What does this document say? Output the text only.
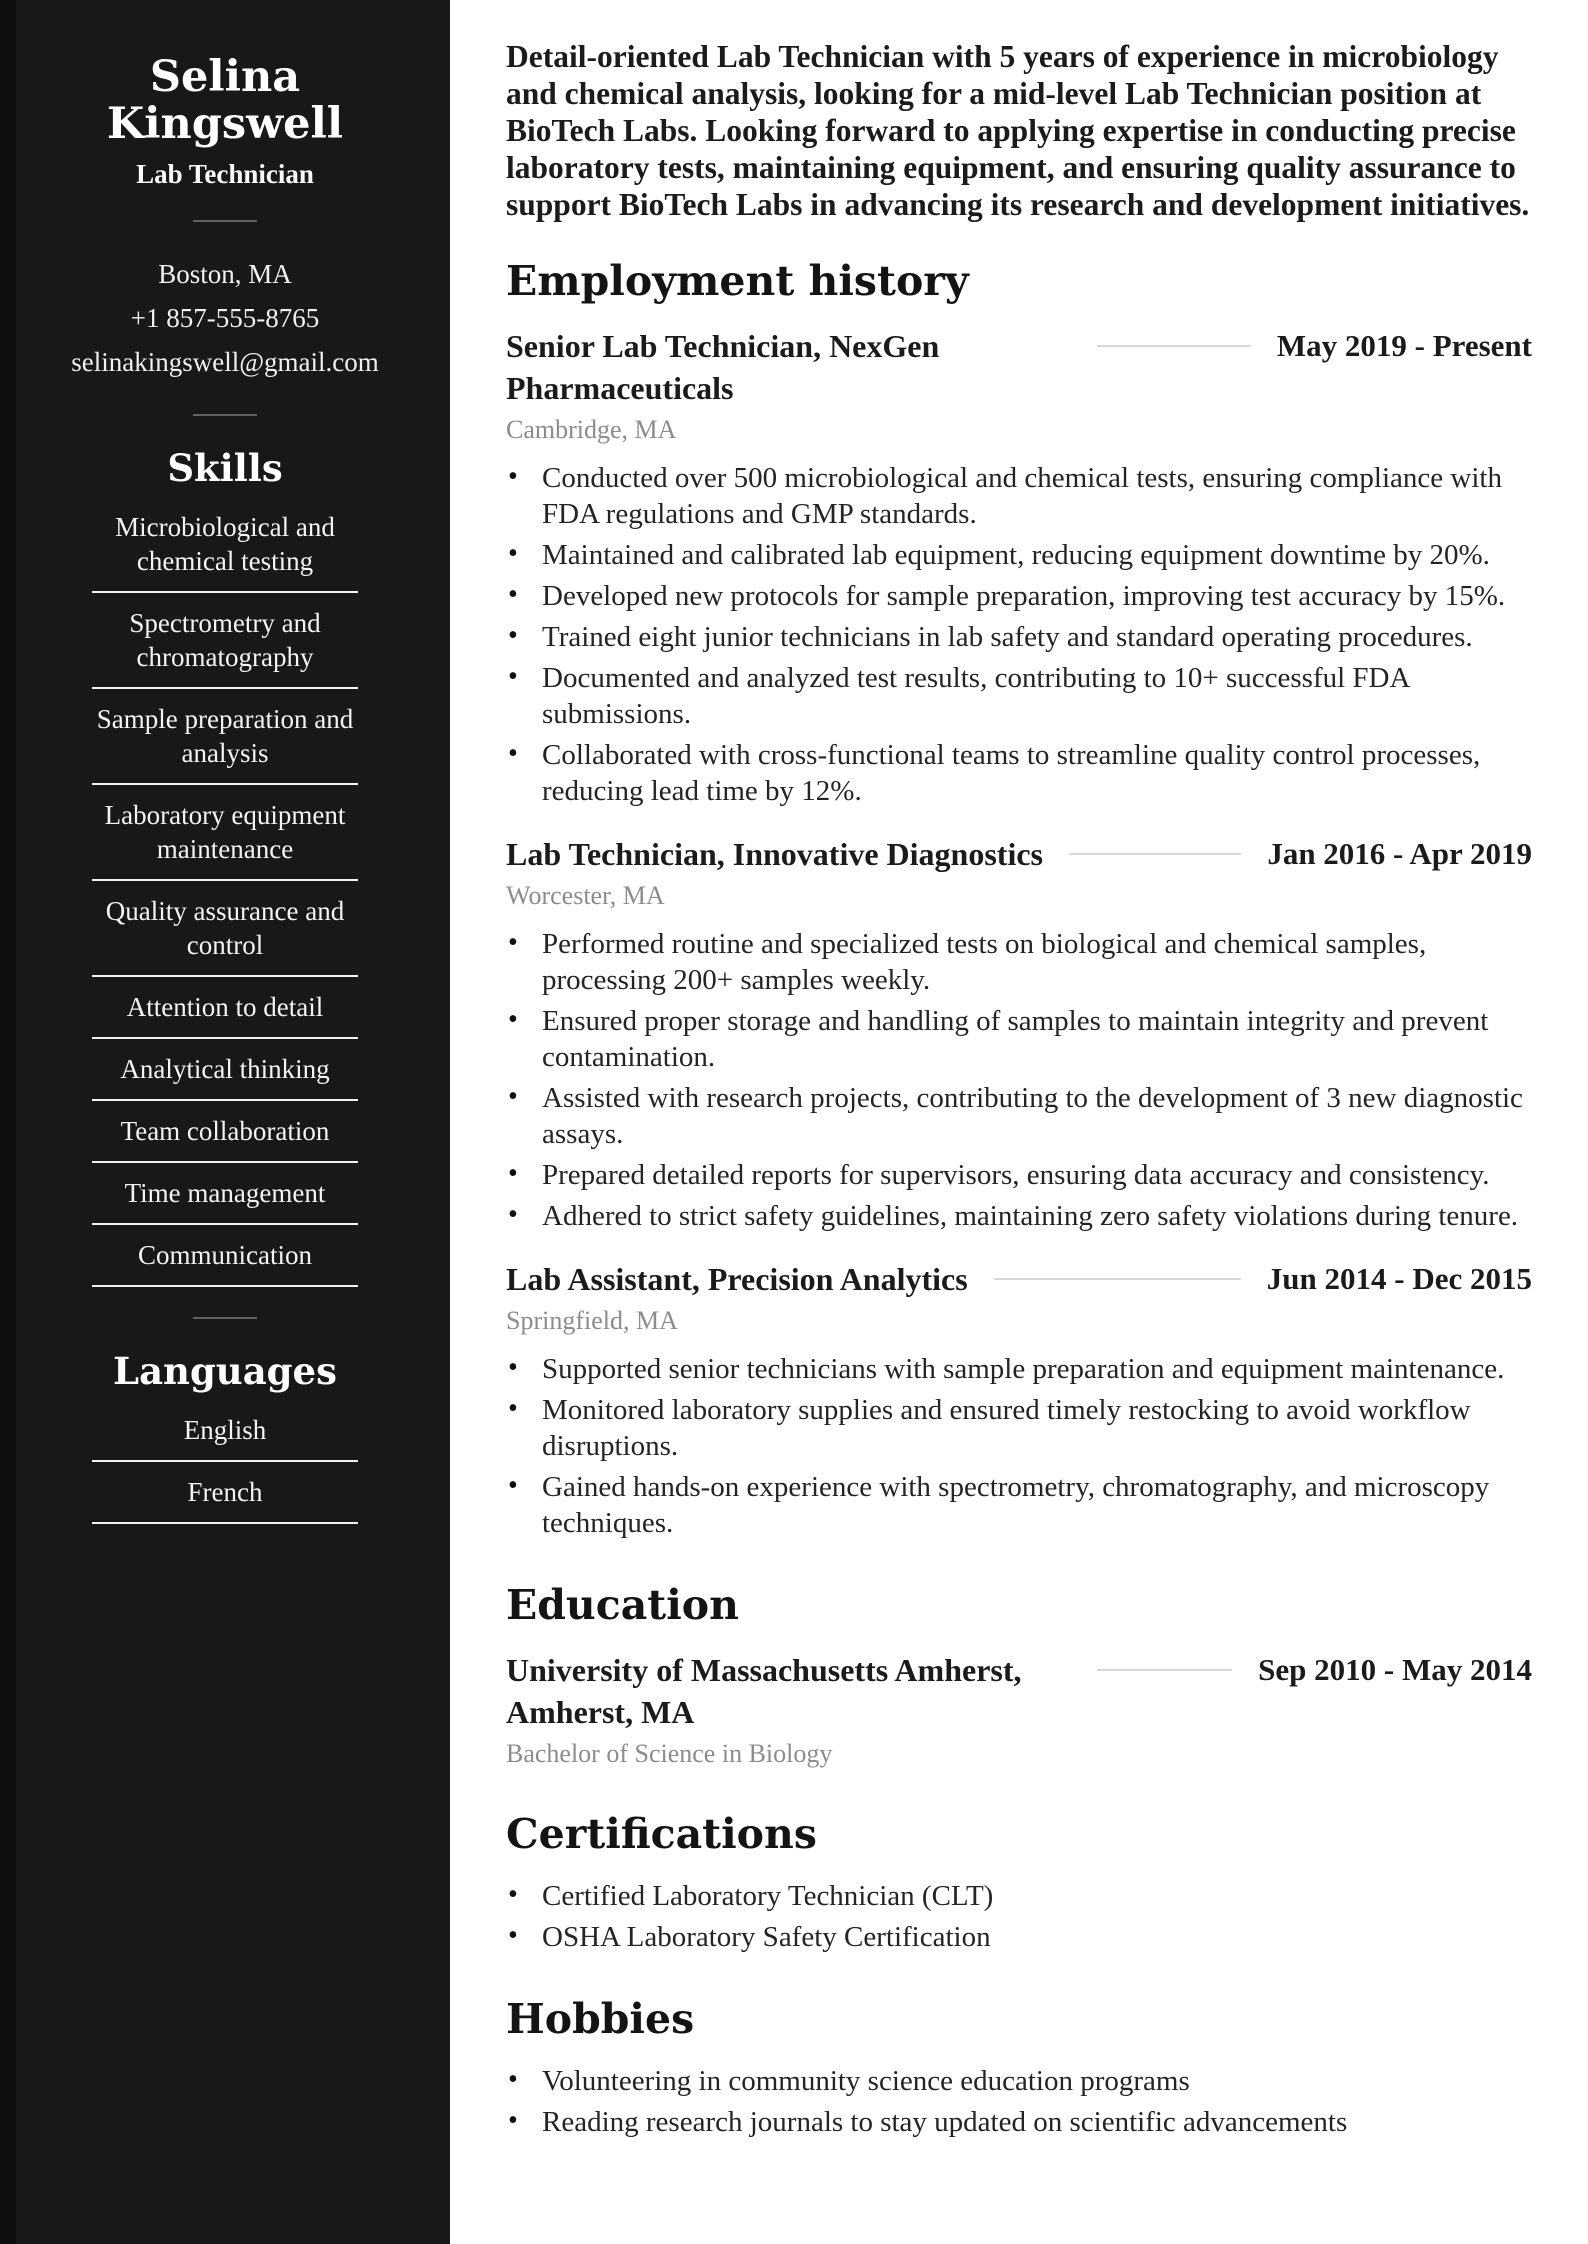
Selina Kingswell
Lab Technician
Boston, MA
+1 857-555-8765
selinakingswell@gmail.com
Skills
Microbiological and chemical testing
Spectrometry and chromatography
Sample preparation and analysis
Laboratory equipment maintenance
Quality assurance and control
Attention to detail
Analytical thinking
Team collaboration
Time management
Communication
Languages
English
French

Detail-oriented Lab Technician with 5 years of experience in microbiology and chemical analysis, looking for a mid-level Lab Technician position at BioTech Labs. Looking forward to applying expertise in conducting precise laboratory tests, maintaining equipment, and ensuring quality assurance to support BioTech Labs in advancing its research and development initiatives.

Employment history
Senior Lab Technician, NexGen Pharmaceuticals
May 2019 - Present
Cambridge, MA
• Conducted over 500 microbiological and chemical tests, ensuring compliance with FDA regulations and GMP standards.
• Maintained and calibrated lab equipment, reducing equipment downtime by 20%.
• Developed new protocols for sample preparation, improving test accuracy by 15%.
• Trained eight junior technicians in lab safety and standard operating procedures.
• Documented and analyzed test results, contributing to 10+ successful FDA submissions.
• Collaborated with cross-functional teams to streamline quality control processes, reducing lead time by 12%.
Lab Technician, Innovative Diagnostics	Jan 2016 - Apr 2019
Worcester, MA
• Performed routine and specialized tests on biological and chemical samples, processing 200+ samples weekly.
• Ensured proper storage and handling of samples to maintain integrity and prevent contamination.
• Assisted with research projects, contributing to the development of 3 new diagnostic assays.
• Prepared detailed reports for supervisors, ensuring data accuracy and consistency.
• Adhered to strict safety guidelines, maintaining zero safety violations during tenure.
Lab Assistant, Precision Analytics	Jun 2014 - Dec 2015
Springfield, MA
• Supported senior technicians with sample preparation and equipment maintenance.
• Monitored laboratory supplies and ensured timely restocking to avoid workflow disruptions.
• Gained hands-on experience with spectrometry, chromatography, and microscopy techniques.
Education
University of Massachusetts Amherst, Amherst, MA
Sep 2010 - May 2014
Bachelor of Science in Biology
Certifications
• Certified Laboratory Technician (CLT)
• OSHA Laboratory Safety Certification
Hobbies
• Volunteering in community science education programs
• Reading research journals to stay updated on scientific advancements
